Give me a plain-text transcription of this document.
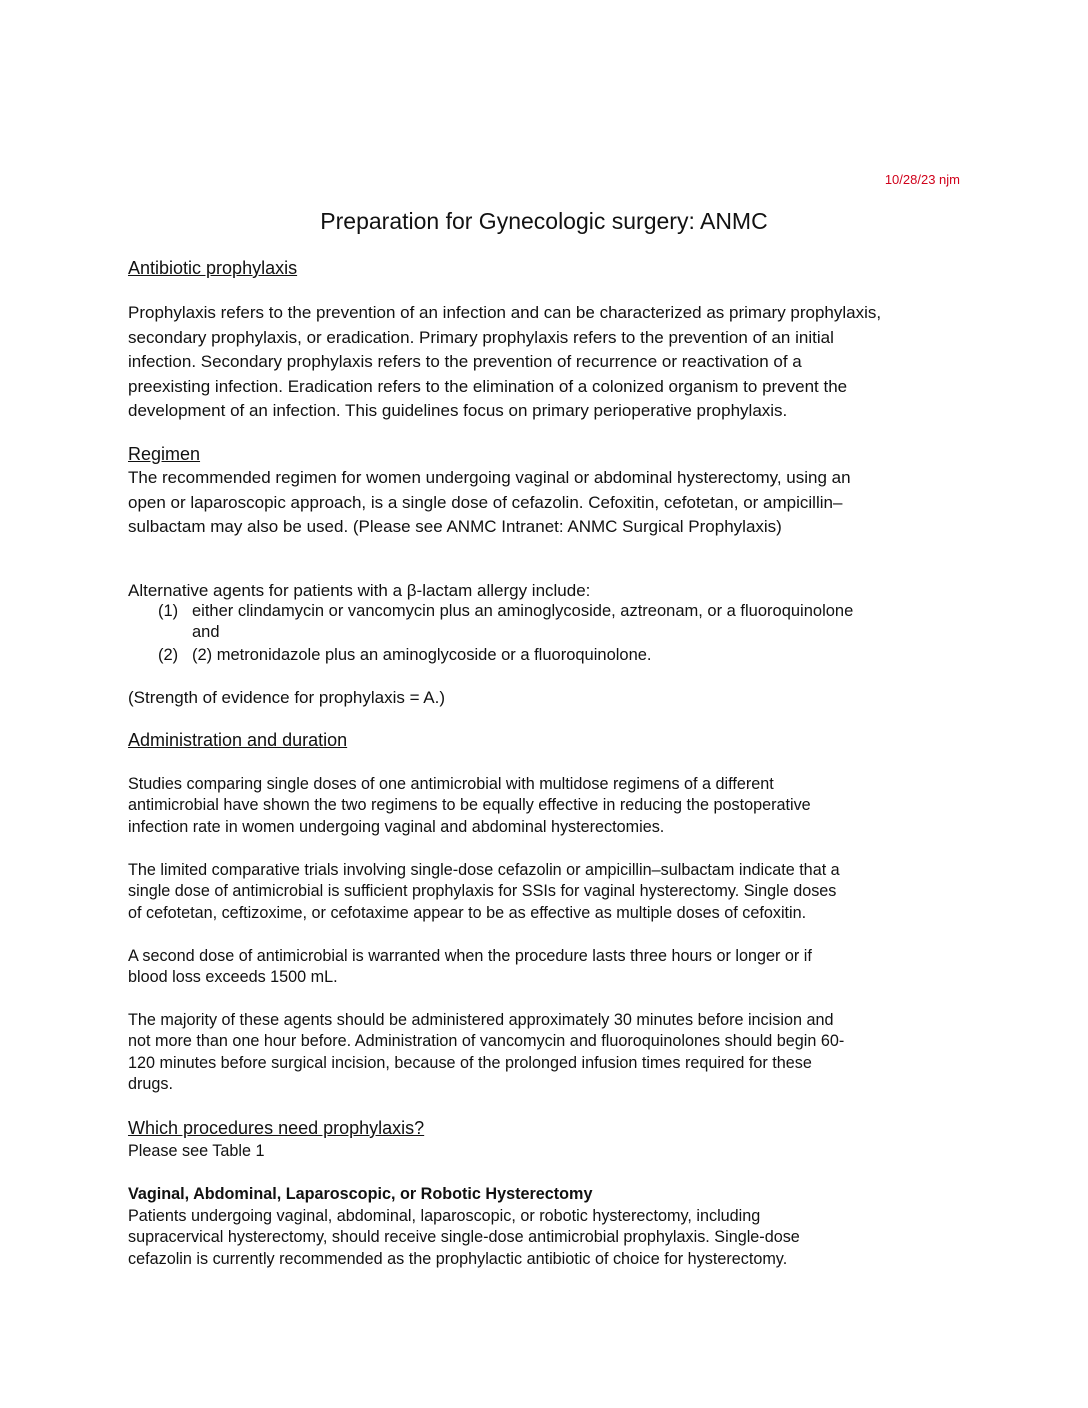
10/28/23 njm
Preparation for Gynecologic surgery: ANMC
Antibiotic prophylaxis
Prophylaxis refers to the prevention of an infection and can be characterized as primary prophylaxis,
secondary prophylaxis, or eradication. Primary prophylaxis refers to the prevention of an initial
infection. Secondary prophylaxis refers to the prevention of recurrence or reactivation of a
preexisting infection. Eradication refers to the elimination of a colonized organism to prevent the
development of an infection. This guidelines focus on primary perioperative prophylaxis.
Regimen
The recommended regimen for women undergoing vaginal or abdominal hysterectomy, using an
open or laparoscopic approach, is a single dose of cefazolin. Cefoxitin, cefotetan, or ampicillin–
sulbactam may also be used. (Please see ANMC Intranet: ANMC Surgical Prophylaxis)
Alternative agents for patients with a β-lactam allergy include:
(1) either clindamycin or vancomycin plus an aminoglycoside, aztreonam, or a fluoroquinolone
and
(2) (2) metronidazole plus an aminoglycoside or a fluoroquinolone.
(Strength of evidence for prophylaxis = A.)
Administration and duration
Studies comparing single doses of one antimicrobial with multidose regimens of a different
antimicrobial have shown the two regimens to be equally effective in reducing the postoperative
infection rate in women undergoing vaginal and abdominal hysterectomies.
The limited comparative trials involving single-dose cefazolin or ampicillin–sulbactam indicate that a
single dose of antimicrobial is sufficient prophylaxis for SSIs for vaginal hysterectomy. Single doses
of cefotetan, ceftizoxime, or cefotaxime appear to be as effective as multiple doses of cefoxitin.
A second dose of antimicrobial is warranted when the procedure lasts three hours or longer or if
blood loss exceeds 1500 mL.
The majority of these agents should be administered approximately 30 minutes before incision and
not more than one hour before. Administration of vancomycin and fluoroquinolones should begin 60-
120 minutes before surgical incision, because of the prolonged infusion times required for these
drugs.
Which procedures need prophylaxis?
Please see Table 1
Vaginal, Abdominal, Laparoscopic, or Robotic Hysterectomy
Patients undergoing vaginal, abdominal, laparoscopic, or robotic hysterectomy, including
supracervical hysterectomy, should receive single-dose antimicrobial prophylaxis. Single-dose
cefazolin is currently recommended as the prophylactic antibiotic of choice for hysterectomy.
